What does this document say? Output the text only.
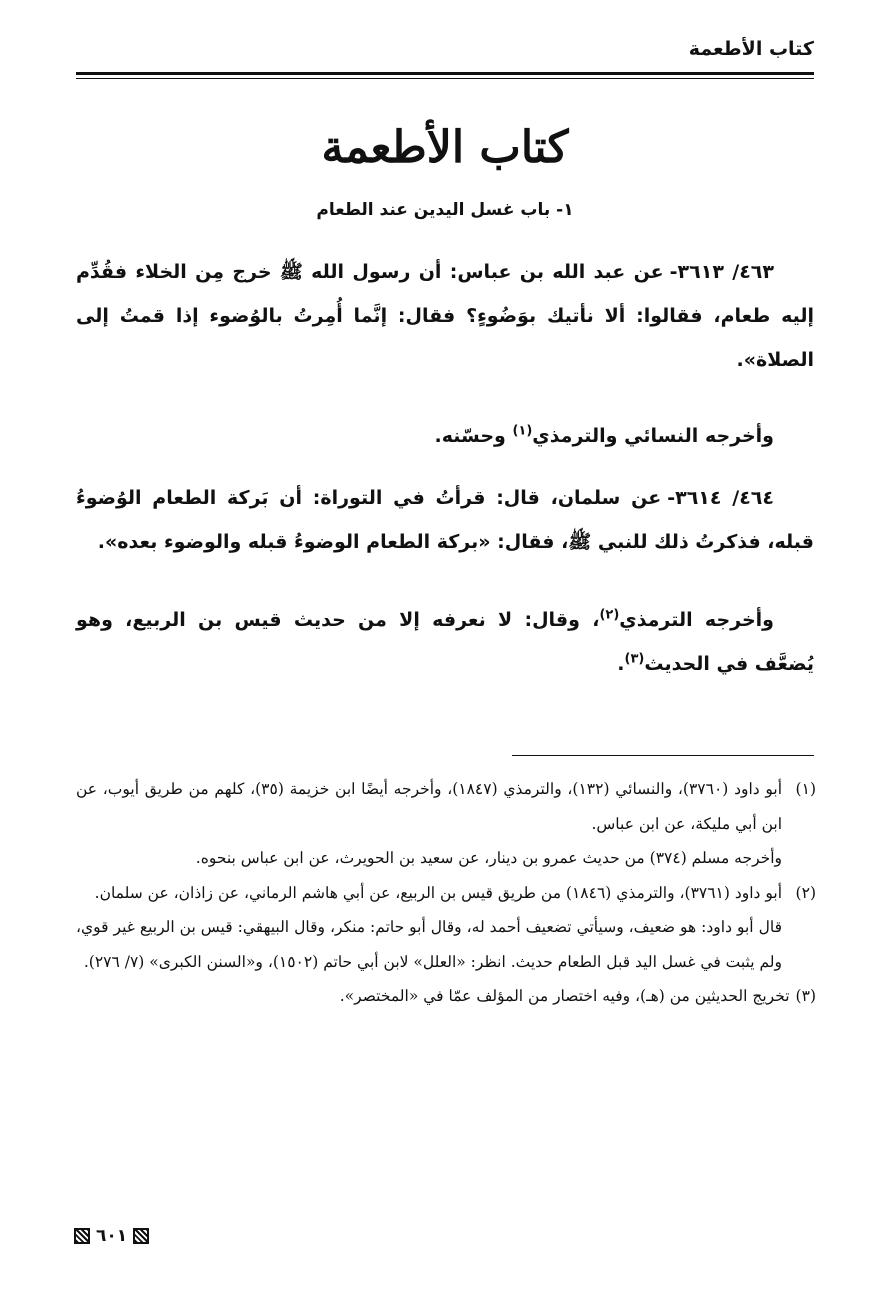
كتاب الأطعمة
كتاب الأطعمة
١- باب غسل اليدين عند الطعام
٤٦٣/ ٣٦١٣-عن عبد الله بن عباس: أن رسول الله ﷺ خرج مِن الخلاء فقُدِّم إليه طعام، فقالوا: ألا نأتيك بوَضُوءٍ؟ فقال: إنَّما أُمِرتُ بالوُضوء إذا قمتُ إلى الصلاة».
وأخرجه النسائي والترمذي$^{(١)}$ وحسّنه.
٤٦٤/ ٣٦١٤-عن سلمان، قال: قرأتُ في التوراة: أن بَركة الطعام الوُضوءُ قبله، فذكرتُ ذلك للنبي ﷺ، فقال: «بركة الطعام الوضوءُ قبله والوضوء بعده».
وأخرجه الترمذي$^{(٢)}$، وقال: لا نعرفه إلا من حديث قيس بن الربيع، وهو يُضعَّف في الحديث$^{(٣)}$.
(١)

أبو داود (٣٧٦٠)، والنسائي (١٣٢)، والترمذي (١٨٤٧)، وأخرجه أيضًا ابن خزيمة (٣٥)، كلهم من طريق أيوب، عن ابن أبي مليكة، عن ابن عباس.

وأخرجه مسلم (٣٧٤) من حديث عمرو بن دينار، عن سعيد بن الحويرث، عن ابن عباس بنحوه.

(٢)

أبو داود (٣٧٦١)، والترمذي (١٨٤٦) من طريق قيس بن الربيع، عن أبي هاشم الرماني، عن زاذان، عن سلمان.

قال أبو داود: هو ضعيف، وسيأتي تضعيف أحمد له، وقال أبو حاتم: منكر، وقال البيهقي: قيس بن الربيع غير قوي، ولم يثبت في غسل اليد قبل الطعام حديث. انظر: «العلل» لابن أبي حاتم (١٥٠٢)، و«السنن الكبرى» (٧/ ٢٧٦).

(٣)

تخريج الحديثين من (هـ)، وفيه اختصار من المؤلف عمّا في «المختصر».

٦٠١
